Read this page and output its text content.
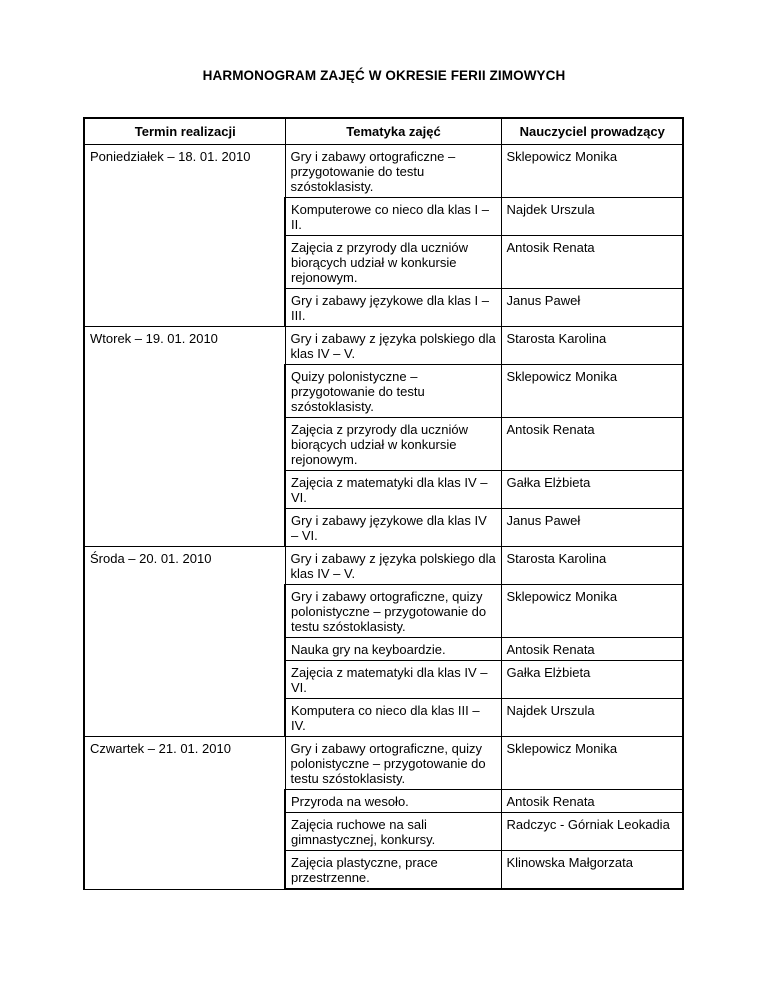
HARMONOGRAM ZAJĘĆ W OKRESIE FERII ZIMOWYCH
Termin realizacji	Tematyka zajęć	Nauczyciel prowadzący
Poniedziałek – 18. 01. 2010	Gry i zabawy ortograficzne – przygotowanie do testu szóstoklasisty.	Sklepowicz Monika
	Komputerowe co nieco dla klas I – II.	Najdek Urszula
	Zajęcia z przyrody dla uczniów biorących udział w konkursie rejonowym.	Antosik Renata
	Gry i zabawy językowe dla klas I – III.	Janus Paweł
Wtorek – 19. 01. 2010	Gry i zabawy z języka polskiego dla klas IV – V.	Starosta Karolina
	Quizy polonistyczne – przygotowanie do testu szóstoklasisty.	Sklepowicz Monika
	Zajęcia z przyrody dla uczniów biorących udział w konkursie rejonowym.	Antosik Renata
	Zajęcia z matematyki dla klas IV – VI.	Gałka Elżbieta
	Gry i zabawy językowe dla klas IV – VI.	Janus Paweł
Środa – 20. 01. 2010	Gry i zabawy z języka polskiego dla klas IV – V.	Starosta Karolina
	Gry i zabawy ortograficzne, quizy polonistyczne – przygotowanie do testu szóstoklasisty.	Sklepowicz Monika
	Nauka gry na keyboardzie.	Antosik Renata
	Zajęcia z matematyki dla klas IV – VI.	Gałka Elżbieta
	Komputera co nieco dla klas III – IV.	Najdek Urszula
Czwartek – 21. 01. 2010	Gry i zabawy ortograficzne, quizy polonistyczne – przygotowanie do testu szóstoklasisty.	Sklepowicz Monika
	Przyroda na wesoło.	Antosik Renata
	Zajęcia ruchowe na sali gimnastycznej, konkursy.	Radczyc - Górniak Leokadia
	Zajęcia plastyczne, prace przestrzenne.	Klinowska Małgorzata
